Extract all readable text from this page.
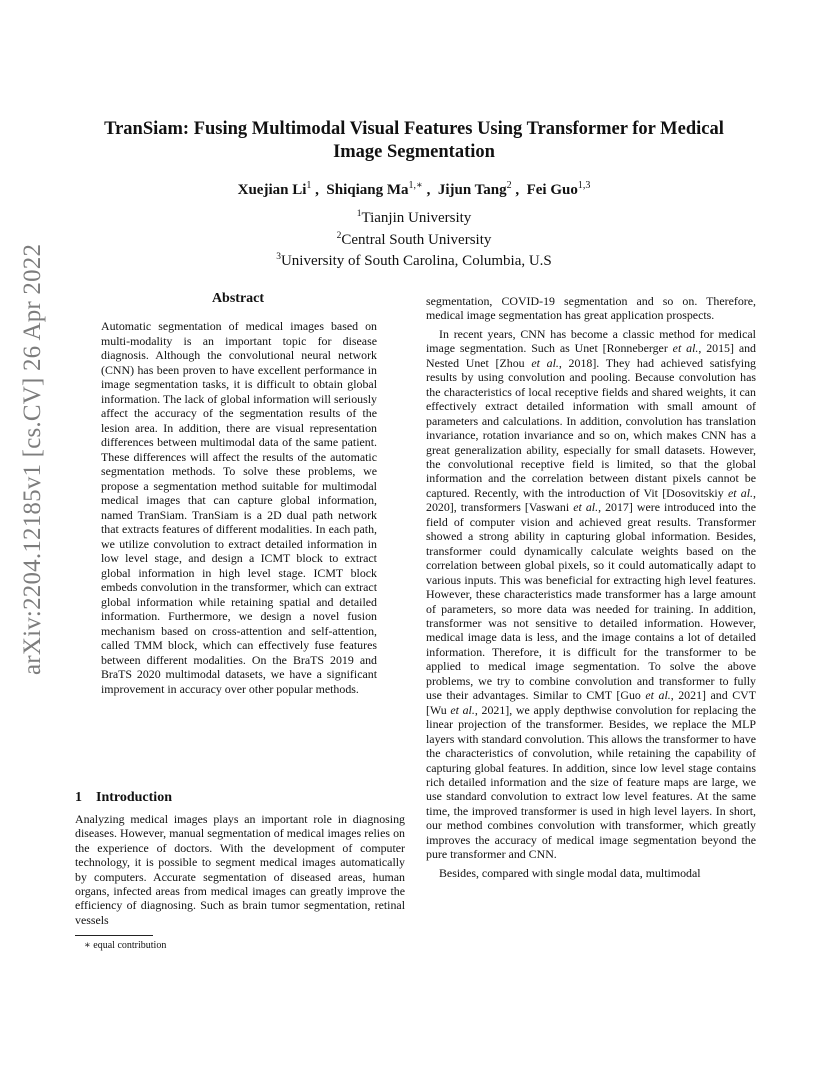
arXiv:2204.12185v1 [cs.CV] 26 Apr 2022
TranSiam: Fusing Multimodal Visual Features Using Transformer for Medical Image Segmentation
Xuejian Li$^1$ ,  Shiqiang $Ma^{1,∗}$ ,  Jijun Tang$^2$ ,  Fei Guo$^{1,3}$
$^1$Tianjin University
$^2$Central South University
$^3$University of South Carolina, Columbia, U.S
Abstract
Automatic segmentation of medical images based on multi-modality is an important topic for disease diagnosis. Although the convolutional neural network (CNN) has been proven to have excellent performance in image segmentation tasks, it is difficult to obtain global information. The lack of global information will seriously affect the accuracy of the segmentation results of the lesion area. In addition, there are visual representation differences between multimodal data of the same patient. These differences will affect the results of the automatic segmentation methods. To solve these problems, we propose a segmentation method suitable for multimodal medical images that can capture global information, named TranSiam. TranSiam is a 2D dual path network that extracts features of different modalities. In each path, we utilize convolution to extract detailed information in low level stage, and design a ICMT block to extract global information in high level stage. ICMT block embeds convolution in the transformer, which can extract global information while retaining spatial and detailed information. Furthermore, we design a novel fusion mechanism based on cross-attention and self-attention, called TMM block, which can effectively fuse features between different modalities. On the BraTS 2019 and BraTS 2020 multimodal datasets, we have a significant improvement in accuracy over other popular methods.
1 Introduction
Analyzing medical images plays an important role in diagnosing diseases. However, manual segmentation of medical images relies on the experience of doctors. With the development of computer technology, it is possible to segment medical images automatically by computers. Accurate segmentation of diseased areas, human organs, infected areas from medical images can greatly improve the efficiency of diagnosing. Such as brain tumor segmentation, retinal vessels
∗ equal contribution

segmentation, COVID-19 segmentation and so on. Therefore, medical image segmentation has great application prospects.

In recent years, CNN has become a classic method for medical image segmentation. Such as Unet [Ronneberger et al., 2015] and Nested Unet [Zhou et al., 2018]. They had achieved satisfying results by using convolution and pooling. Because convolution has the characteristics of local receptive fields and shared weights, it can effectively extract detailed information with small amount of parameters and calculations. In addition, convolution has translation invariance, rotation invariance and so on, which makes CNN has a great generalization ability, especially for small datasets. However, the convolutional receptive field is limited, so that the global information and the correlation between distant pixels cannot be captured. Recently, with the introduction of Vit [Dosovitskiy et al., 2020], transformers [Vaswani et al., 2017] were introduced into the field of computer vision and achieved great results. Transformer showed a strong ability in capturing global information. Besides, transformer could dynamically calculate weights based on the correlation between global pixels, so it could automatically adapt to various inputs. This was beneficial for extracting high level features. However, these characteristics made transformer has a large amount of parameters, so more data was needed for training. In addition, transformer was not sensitive to detailed information. However, medical image data is less, and the image contains a lot of detailed information. Therefore, it is difficult for the transformer to be applied to medical image segmentation. To solve the above problems, we try to combine convolution and transformer to fully use their advantages. Similar to CMT [Guo et al., 2021] and CVT [Wu et al., 2021], we apply depthwise convolution for replacing the linear projection of the transformer. Besides, we replace the MLP layers with standard convolution. This allows the transformer to have the characteristics of convolution, while retaining the capability of capturing global features. In addition, since low level stage contains rich detailed information and the size of feature maps are large, we use standard convolution to extract low level features. At the same time, the improved transformer is used in high level layers. In short, our method combines convolution with transformer, which greatly improves the accuracy of medical image segmentation beyond the pure transformer and CNN.

Besides, compared with single modal data, multimodal
